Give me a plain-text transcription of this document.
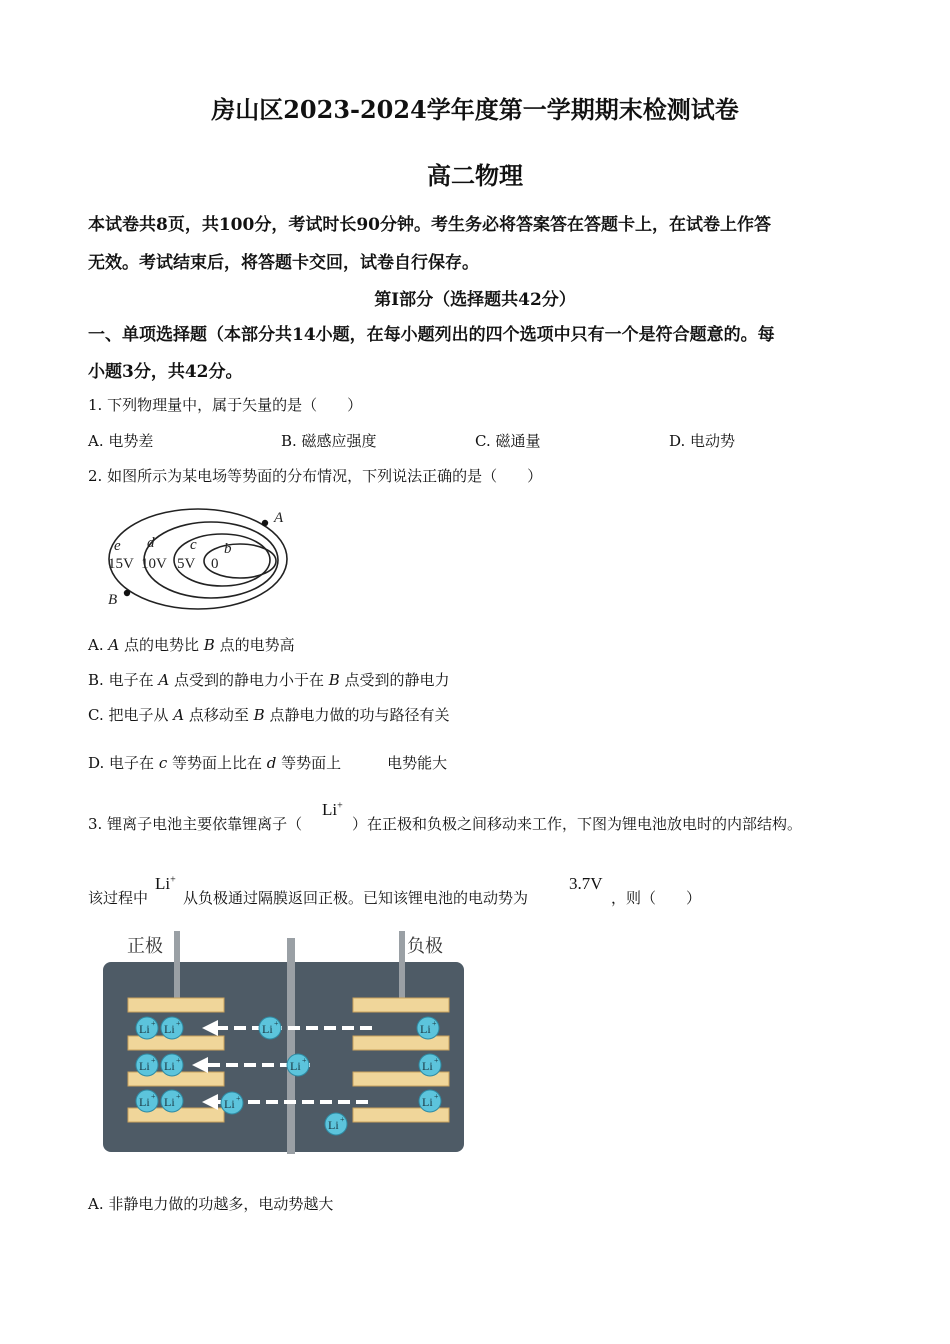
房山区2023-2024学年度第一学期期末检测试卷
高二物理
本试卷共8页，共100分，考试时长90分钟。考生务必将答案答在答题卡上，在试卷上作答
无效。考试结束后，将答题卡交回，试卷自行保存。
第Ⅰ部分（选择题共42分）
一、单项选择题（本部分共14小题，在每小题列出的四个选项中只有一个是符合题意的。每
小题3分，共42分。
1. 下列物理量中，属于矢量的是（　　）
A. 电势差	B. 磁感应强度	C. 磁通量	D. 电动势
2. 如图所示为某电场等势面的分布情况，下列说法正确的是（　　）
A
B
e d c b
15V 10V 5V 0
A. A 点的电势比 B 点的电势高
B. 电子在 A 点受到的静电力小于在 B 点受到的静电力
C. 把电子从 A 点移动至 B 点静电力做的功与路径有关
D. 电子在 c 等势面上比在 d 等势面上	电势能大
3. 锂离子电池主要依靠锂离子（
Li+
）在正极和负极之间移动来工作，下图为锂电池放电时的内部结构。
该过程中
Li+
从负极通过隔膜返回正极。已知该锂电池的电动势为
3.7V
，则（　　）
正极	负极
Li + Li +	Li +	Li +
Li + Li +	Li +	Li +
Li + Li +
Li +	Li +
Li +
A. 非静电力做的功越多，电动势越大
